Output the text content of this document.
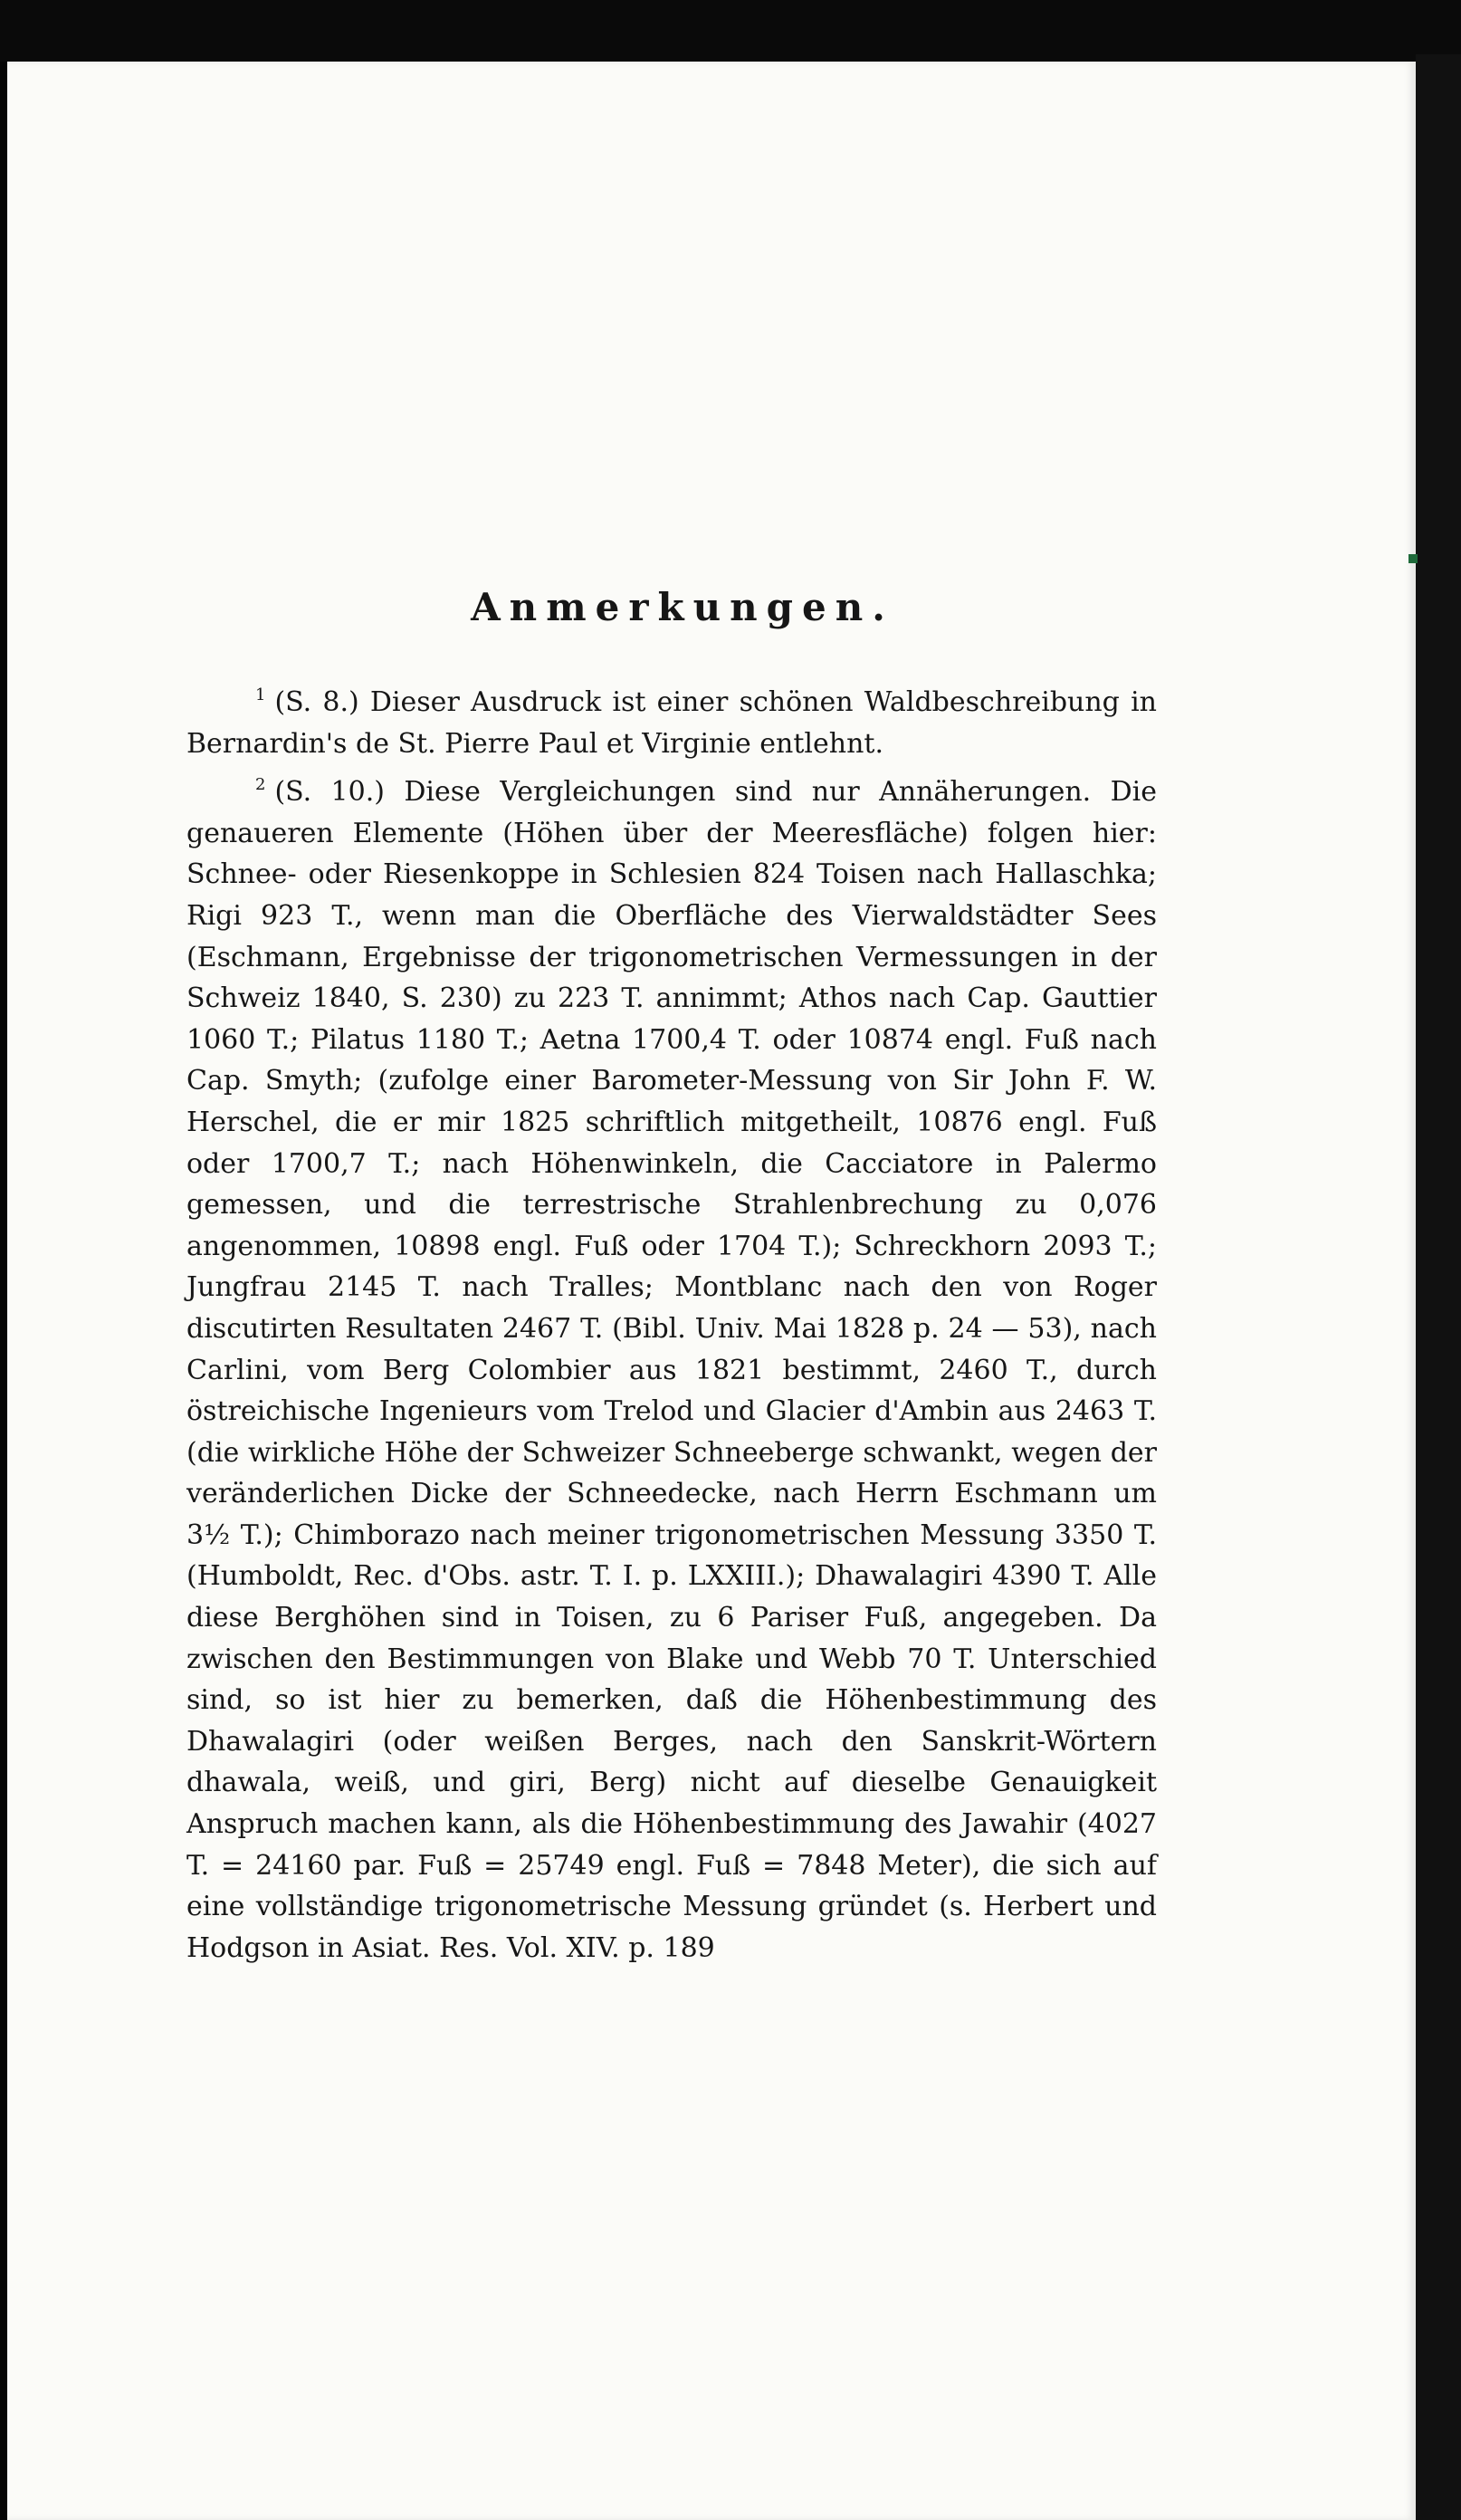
Anmerkungen.

$^1$ (S. 8.) Dieser Ausdruck ist einer schönen Waldbeschreibung in Bernardin's de St. Pierre Paul et Virginie entlehnt.

$^2$ (S. 10.) Diese Vergleichungen sind nur Annäherungen. Die genaueren Elemente (Höhen über der Meeresfläche) folgen hier: Schnee- oder Riesenkoppe in Schlesien 824 Toisen nach Hallaschka; Rigi 923 T., wenn man die Oberfläche des Vierwaldstädter Sees (Eschmann, Ergebnisse der trigonometrischen Vermessungen in der Schweiz 1840, S. 230) zu 223 T. annimmt; Athos nach Cap. Gauttier 1060 T.; Pilatus 1180 T.; Aetna 1700,4 T. oder 10874 engl. Fuß nach Cap. Smyth; (zufolge einer Barometer-Messung von Sir John F. W. Herschel, die er mir 1825 schriftlich mitgetheilt, 10876 engl. Fuß oder 1700,7 T.; nach Höhenwinkeln, die Cacciatore in Palermo gemessen, und die terrestrische Strahlenbrechung zu 0,076 angenommen, 10898 engl. Fuß oder 1704 T.); Schreckhorn 2093 T.; Jungfrau 2145 T. nach Tralles; Montblanc nach den von Roger discutirten Resultaten 2467 T. (Bibl. Univ. Mai 1828 p. 24 — 53), nach Carlini, vom Berg Colombier aus 1821 bestimmt, 2460 T., durch östreichische Ingenieurs vom Trelod und Glacier d'Ambin aus 2463 T. (die wirkliche Höhe der Schweizer Schneeberge schwankt, wegen der veränderlichen Dicke der Schneedecke, nach Herrn Eschmann um 3½ T.); Chimborazo nach meiner trigonometrischen Messung 3350 T. (Humboldt, Rec. d'Obs. astr. T. I. p. LXXIII.); Dhawalagiri 4390 T. Alle diese Berghöhen sind in Toisen, zu 6 Pariser Fuß, angegeben. Da zwischen den Bestimmungen von Blake und Webb 70 T. Unterschied sind, so ist hier zu bemerken, daß die Höhenbestimmung des Dhawalagiri (oder weißen Berges, nach den Sanskrit-Wörtern dhawala, weiß, und giri, Berg) nicht auf dieselbe Genauigkeit Anspruch machen kann, als die Höhenbestimmung des Jawahir (4027 T. = 24160 par. Fuß = 25749 engl. Fuß = 7848 Meter), die sich auf eine vollständige trigonometrische Messung gründet (s. Herbert und Hodgson in Asiat. Res. Vol. XIV. p. 189
